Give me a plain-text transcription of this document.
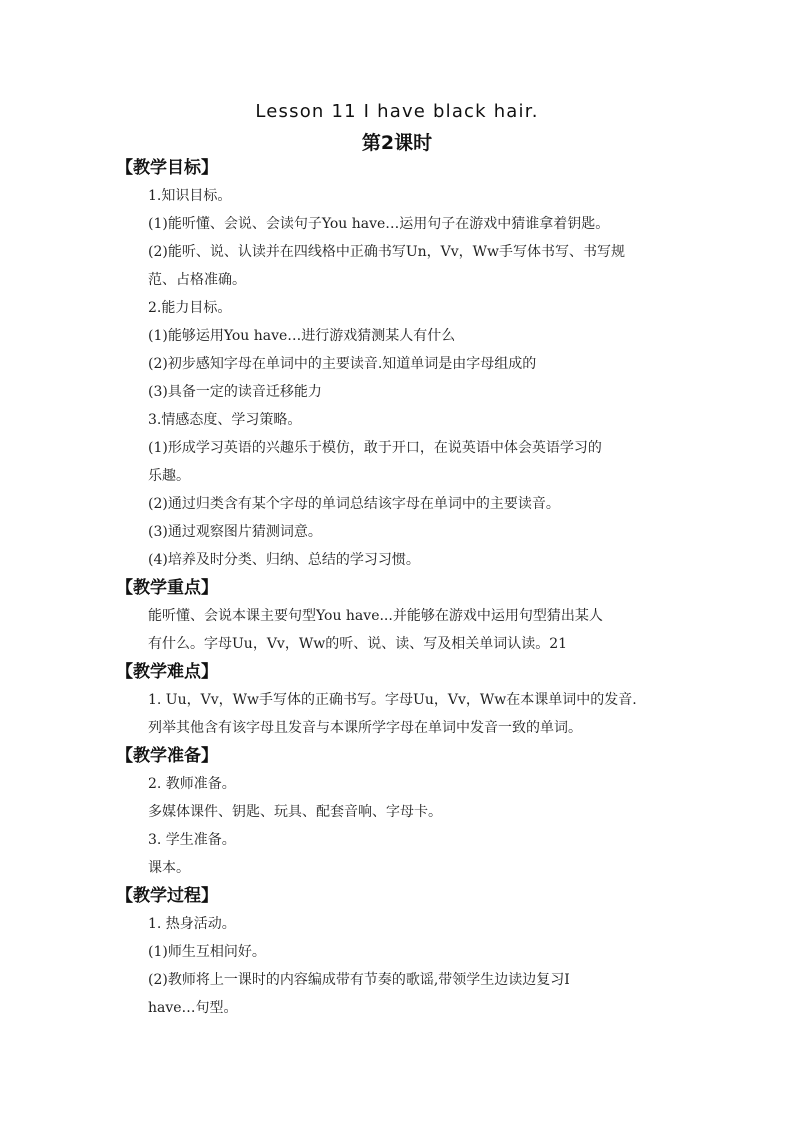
Lesson 11 I have black hair.
第2课时
【教学目标】
1.知识目标。
(1)能听懂、会说、会读句子You have…运用句子在游戏中猜谁拿着钥匙。
(2)能听、说、认读并在四线格中正确书写Un，Vv，Ww手写体书写、书写规
范、占格准确。
2.能力目标。
(1)能够运用You have…进行游戏猜测某人有什么
(2)初步感知字母在单词中的主要读音.知道单词是由字母组成的
(3)具备一定的读音迁移能力
3.情感态度、学习策略。
(1)形成学习英语的兴趣乐于模仿，敢于开口，在说英语中体会英语学习的
乐趣。
(2)通过归类含有某个字母的单词总结该字母在单词中的主要读音。
(3)通过观察图片猜测词意。
(4)培养及时分类、归纳、总结的学习习惯。
【教学重点】
能听懂、会说本课主要句型You have...并能够在游戏中运用句型猜出某人
有什么。字母Uu，Vv，Ww的听、说、读、写及相关单词认读。21
【教学难点】
1. Uu，Vv，Ww手写体的正确书写。字母Uu，Vv，Ww在本课单词中的发音.
列举其他含有该字母且发音与本课所学字母在单词中发音一致的单词。
【教学准备】
2. 教师准备。
多媒体课件、钥匙、玩具、配套音响、字母卡。
3. 学生准备。
课本。
【教学过程】
1. 热身活动。
(1)师生互相问好。
(2)教师将上一课时的内容编成带有节奏的歌谣,带领学生边读边复习I
have…句型。
